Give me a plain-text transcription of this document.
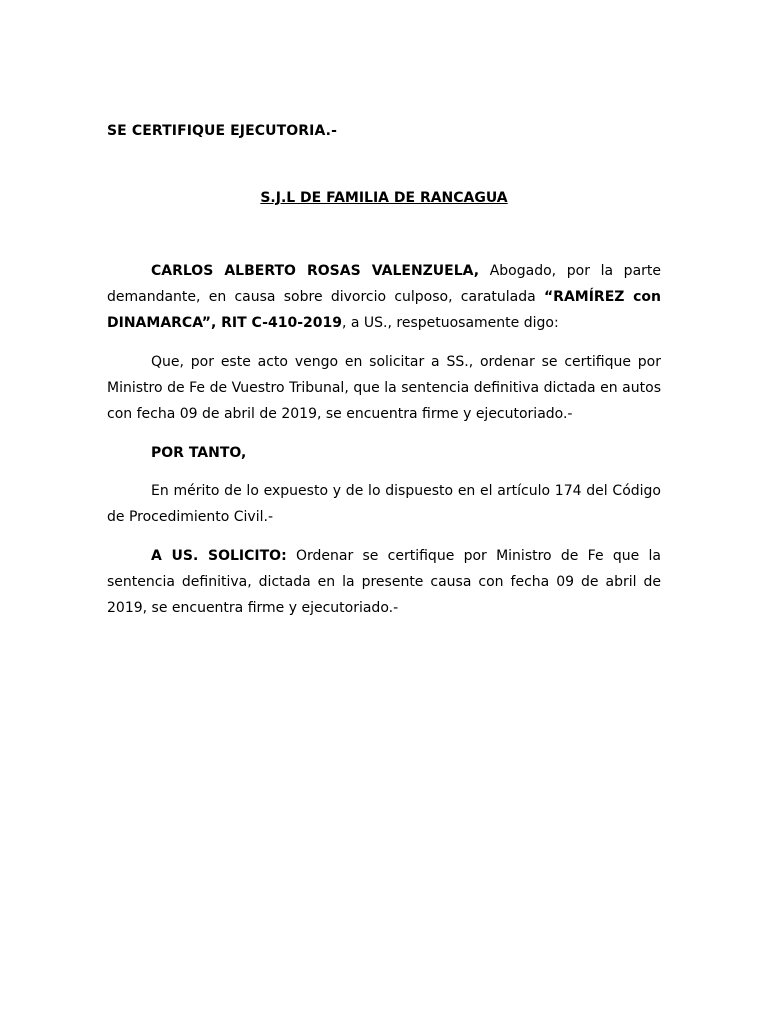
SE CERTIFIQUE EJECUTORIA.-
S.J.L DE FAMILIA DE RANCAGUA

CARLOS ALBERTO ROSAS VALENZUELA, Abogado, por la parte demandante, en causa sobre divorcio culposo, caratulada “RAMÍREZ con DINAMARCA”, RIT C-410-2019, a US., respetuosamente digo:

Que, por este acto vengo en solicitar a SS., ordenar se certifique por Ministro de Fe de Vuestro Tribunal, que la sentencia definitiva dictada en autos con fecha 09 de abril de 2019, se encuentra firme y ejecutoriado.-

POR TANTO,

En mérito de lo expuesto y de lo dispuesto en el artículo 174 del Código de Procedimiento Civil.-

A US. SOLICITO: Ordenar se certifique por Ministro de Fe que la sentencia definitiva, dictada en la presente causa con fecha 09 de abril de 2019, se encuentra firme y ejecutoriado.-
